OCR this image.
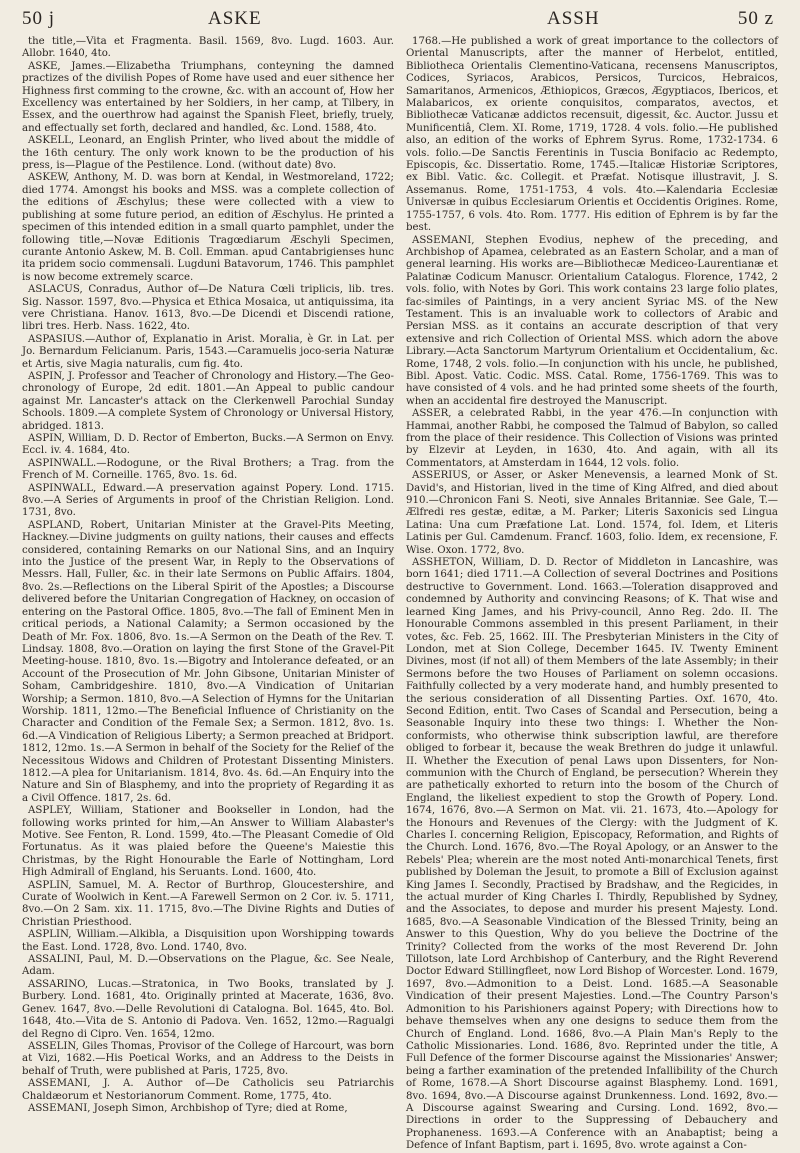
50 j	ASKE	ASSH	50 z

the title,—Vita et Fragmenta. Basil. 1569, 8vo. Lugd. 1603. Aur. Allobr. 1640, 4to.

ASKE, James.—Elizabetha Triumphans, conteyning the damned practizes of the divilish Popes of Rome have used and euer sithence her Highness first comming to the crowne, &c. with an account of, How her Excellency was entertained by her Soldiers, in her camp, at Tilbery, in Essex, and the ouerthrow had against the Spanish Fleet, briefly, truely, and effectually set forth, declared and handled, &c. Lond. 1588, 4to.

ASKELL, Leonard, an English Printer, who lived about the middle of the 16th century. The only work known to be the production of his press, is—Plague of the Pestilence. Lond. (without date) 8vo.

ASKEW, Anthony, M. D. was born at Kendal, in Westmoreland, 1722; died 1774. Amongst his books and MSS. was a complete collection of the editions of Æschylus; these were collected with a view to publishing at some future period, an edition of Æschylus. He printed a specimen of this intended edition in a small quarto pamphlet, under the following title,—Novæ Editionis Tragœdiarum Æschyli Specimen, curante Antonio Askew, M. B. Coll. Emman. apud Cantabrigienses hunc ita pridem socio commensali. Lugduni Batavorum, 1746. This pamphlet is now become extremely scarce.

ASLACUS, Conradus, Author of—De Natura Cœli triplicis, lib. tres. Sig. Nassor. 1597, 8vo.—Physica et Ethica Mosaica, ut antiquissima, ita vere Christiana. Hanov. 1613, 8vo.—De Dicendi et Discendi ratione, libri tres. Herb. Nass. 1622, 4to.

ASPASIUS.—Author of, Explanatio in Arist. Moralia, è Gr. in Lat. per Jo. Bernardum Felicianum. Paris, 1543.—Caramuelis joco-seria Naturæ et Artis, sive Magia naturalis, cum fig. 4to.

ASPIN, J. Professor and Teacher of Chronology and History.—The Geo-chronology of Europe, 2d edit. 1801.—An Appeal to public candour against Mr. Lancaster's attack on the Clerkenwell Parochial Sunday Schools. 1809.—A complete System of Chronology or Universal History, abridged. 1813.

ASPIN, William, D. D. Rector of Emberton, Bucks.—A Sermon on Envy. Eccl. iv. 4. 1684, 4to.

ASPINWALL.—Rodogune, or the Rival Brothers; a Trag. from the French of M. Corneille. 1765, 8vo. 1s. 6d.

ASPINWALL, Edward.—A preservation against Popery. Lond. 1715. 8vo.—A Series of Arguments in proof of the Christian Religion. Lond. 1731, 8vo.

ASPLAND, Robert, Unitarian Minister at the Gravel-Pits Meeting, Hackney.—Divine judgments on guilty nations, their causes and effects considered, containing Remarks on our National Sins, and an Inquiry into the Justice of the present War, in Reply to the Observations of Messrs. Hall, Fuller, &c. in their late Sermons on Public Affairs. 1804, 8vo. 2s.—Reflections on the Liberal Spirit of the Apostles; a Discourse delivered before the Unitarian Congregation of Hackney, on occasion of entering on the Pastoral Office. 1805, 8vo.—The fall of Eminent Men in critical periods, a National Calamity; a Sermon occasioned by the Death of Mr. Fox. 1806, 8vo. 1s.—A Sermon on the Death of the Rev. T. Lindsay. 1808, 8vo.—Oration on laying the first Stone of the Gravel-Pit Meeting-house. 1810, 8vo. 1s.—Bigotry and Intolerance defeated, or an Account of the Prosecution of Mr. John Gibsone, Unitarian Minister of Soham, Cambridgeshire. 1810, 8vo.—A Vindication of Unitarian Worship; a Sermon. 1810, 8vo.—A Selection of Hymns for the Unitarian Worship. 1811, 12mo.—The Beneficial Influence of Christianity on the Character and Condition of the Female Sex; a Sermon. 1812, 8vo. 1s. 6d.—A Vindication of Religious Liberty; a Sermon preached at Bridport. 1812, 12mo. 1s.—A Sermon in behalf of the Society for the Relief of the Necessitous Widows and Children of Protestant Dissenting Ministers. 1812.—A plea for Unitarianism. 1814, 8vo. 4s. 6d.—An Enquiry into the Nature and Sin of Blasphemy, and into the propriety of Regarding it as a Civil Offence. 1817, 2s. 6d.

ASPLEY, William, Stationer and Bookseller in London, had the following works printed for him,—An Answer to William Alabaster's Motive. See Fenton, R. Lond. 1599, 4to.—The Pleasant Comedie of Old Fortunatus. As it was plaied before the Queene's Maiestie this Christmas, by the Right Honourable the Earle of Nottingham, Lord High Admirall of England, his Seruants. Lond. 1600, 4to.

ASPLIN, Samuel, M. A. Rector of Burthrop, Gloucestershire, and Curate of Woolwich in Kent.—A Farewell Sermon on 2 Cor. iv. 5. 1711, 8vo.—On 2 Sam. xix. 11. 1715, 8vo.—The Divine Rights and Duties of Christian Priesthood.

ASPLIN, William.—Alkibla, a Disquisition upon Worshipping towards the East. Lond. 1728, 8vo. Lond. 1740, 8vo.

ASSALINI, Paul, M. D.—Observations on the Plague, &c. See Neale, Adam.

ASSARINO, Lucas.—Stratonica, in Two Books, translated by J. Burbery. Lond. 1681, 4to. Originally printed at Macerate, 1636, 8vo. Genev. 1647, 8vo.—Delle Revolutioni di Catalogna. Bol. 1645, 4to. Bol. 1648, 4to.—Vita de S. Antonio di Padova. Ven. 1652, 12mo.—Ragualgi del Regno di Cipro. Ven. 1654, 12mo.

ASSELIN, Giles Thomas, Provisor of the College of Harcourt, was born at Vizi, 1682.—His Poetical Works, and an Address to the Deists in behalf of Truth, were published at Paris, 1725, 8vo.

ASSEMANI, J. A. Author of—De Catholicis seu Patriarchis Chaldæorum et Nestorianorum Comment. Rome, 1775, 4to.

ASSEMANI, Joseph Simon, Archbishop of Tyre; died at Rome,

1768.—He published a work of great importance to the collectors of Oriental Manuscripts, after the manner of Herbelot, entitled, Bibliotheca Orientalis Clementino-Vaticana, recensens Manuscriptos, Codices, Syriacos, Arabicos, Persicos, Turcicos, Hebraicos, Samaritanos, Armenicos, Æthiopicos, Græcos, Ægyptiacos, Ibericos, et Malabaricos, ex oriente conquisitos, comparatos, avectos, et Bibliothecæ Vaticanæ addictos recensuit, digessit, &c. Auctor. Jussu et Munificentiâ, Clem. XI. Rome, 1719, 1728. 4 vols. folio.—He published also, an edition of the works of Ephrem Syrus. Rome, 1732-1734. 6 vols. folio.—De Sanctis Ferentinis in Tuscia Bonifacio ac Redempto, Episcopis, &c. Dissertatio. Rome, 1745.—Italicæ Historiæ Scriptores, ex Bibl. Vatic. &c. Collegit. et Præfat. Notisque illustravit, J. S. Assemanus. Rome, 1751-1753, 4 vols. 4to.—Kalendaria Ecclesiæ Universæ in quibus Ecclesiarum Orientis et Occidentis Origines. Rome, 1755-1757, 6 vols. 4to. Rom. 1777. His edition of Ephrem is by far the best.

ASSEMANI, Stephen Evodius, nephew of the preceding, and Archbishop of Apamea, celebrated as an Eastern Scholar, and a man of general learning. His works are—Bibliothecæ Mediceo-Laurentianæ et Palatinæ Codicum Manuscr. Orientalium Catalogus. Florence, 1742, 2 vols. folio, with Notes by Gori. This work contains 23 large folio plates, fac-similes of Paintings, in a very ancient Syriac MS. of the New Testament. This is an invaluable work to collectors of Arabic and Persian MSS. as it contains an accurate description of that very extensive and rich Collection of Oriental MSS. which adorn the above Library.—Acta Sanctorum Martyrum Orientalium et Occidentalium, &c. Rome, 1748, 2 vols. folio.—In conjunction with his uncle, he published, Bibl. Apost. Vatic. Codic. MSS. Catal. Rome, 1756-1769. This was to have consisted of 4 vols. and he had printed some sheets of the fourth, when an accidental fire destroyed the Manuscript.

ASSER, a celebrated Rabbi, in the year 476.—In conjunction with Hammai, another Rabbi, he composed the Talmud of Babylon, so called from the place of their residence. This Collection of Visions was printed by Elzevir at Leyden, in 1630, 4to. And again, with all its Commentators, at Amsterdam in 1644, 12 vols. folio.

ASSERIUS, or Asser, or Asker Menevensis, a learned Monk of St. David's, and Historian, lived in the time of King Alfred, and died about 910.—Chronicon Fani S. Neoti, sive Annales Britanniæ. See Gale, T.—Ælfredi res gestæ, editæ, a M. Parker; Literis Saxonicis sed Lingua Latina: Una cum Præfatione Lat. Lond. 1574, fol. Idem, et Literis Latinis per Gul. Camdenum. Francf. 1603, folio. Idem, ex recensione, F. Wise. Oxon. 1772, 8vo.

ASSHETON, William, D. D. Rector of Middleton in Lancashire, was born 1641; died 1711.—A Collection of several Doctrines and Positions destructive to Government. Lond. 1663.—Toleration disapproved and condemned by Authority and convincing Reasons; of K. That wise and learned King James, and his Privy-council, Anno Reg. 2do. II. The Honourable Commons assembled in this present Parliament, in their votes, &c. Feb. 25, 1662. III. The Presbyterian Ministers in the City of London, met at Sion College, December 1645. IV. Twenty Eminent Divines, most (if not all) of them Members of the late Assembly; in their Sermons before the two Houses of Parliament on solemn occasions. Faithfully collected by a very moderate hand, and humbly presented to the serious consideration of all Dissenting Parties. Oxf. 1670, 4to. Second Edition, entit. Two Cases of Scandal and Persecution, being a Seasonable Inquiry into these two things: I. Whether the Non-conformists, who otherwise think subscription lawful, are therefore obliged to forbear it, because the weak Brethren do judge it unlawful. II. Whether the Execution of penal Laws upon Dissenters, for Non-communion with the Church of England, be persecution? Wherein they are pathetically exhorted to return into the bosom of the Church of England, the likeliest expedient to stop the Growth of Popery. Lond. 1674, 1676, 8vo.—A Sermon on Mat. vii. 21. 1673, 4to.—Apology for the Honours and Revenues of the Clergy: with the Judgment of K. Charles I. concerning Religion, Episcopacy, Reformation, and Rights of the Church. Lond. 1676, 8vo.—The Royal Apology, or an Answer to the Rebels' Plea; wherein are the most noted Anti-monarchical Tenets, first published by Doleman the Jesuit, to promote a Bill of Exclusion against King James I. Secondly, Practised by Bradshaw, and the Regicides, in the actual murder of King Charles I. Thirdly, Republished by Sydney, and the Associates, to depose and murder his present Majesty. Lond. 1685, 8vo.—A Seasonable Vindication of the Blessed Trinity, being an Answer to this Question, Why do you believe the Doctrine of the Trinity? Collected from the works of the most Reverend Dr. John Tillotson, late Lord Archbishop of Canterbury, and the Right Reverend Doctor Edward Stillingfleet, now Lord Bishop of Worcester. Lond. 1679, 1697, 8vo.—Admonition to a Deist. Lond. 1685.—A Seasonable Vindication of their present Majesties. Lond.—The Country Parson's Admonition to his Parishioners against Popery; with Directions how to behave themselves when any one designs to seduce them from the Church of England. Lond. 1686, 8vo.—A Plain Man's Reply to the Catholic Missionaries. Lond. 1686, 8vo. Reprinted under the title, A Full Defence of the former Discourse against the Missionaries' Answer; being a farther examination of the pretended Infallibility of the Church of Rome, 1678.—A Short Discourse against Blasphemy. Lond. 1691, 8vo. 1694, 8vo.—A Discourse against Drunkenness. Lond. 1692, 8vo.—A Discourse against Swearing and Cursing. Lond. 1692, 8vo.—Directions in order to the Suppressing of Debauchery and Prophaneness. 1693.—A Conference with an Anabaptist; being a Defence of Infant Baptism, part i. 1695, 8vo. wrote against a Con-
